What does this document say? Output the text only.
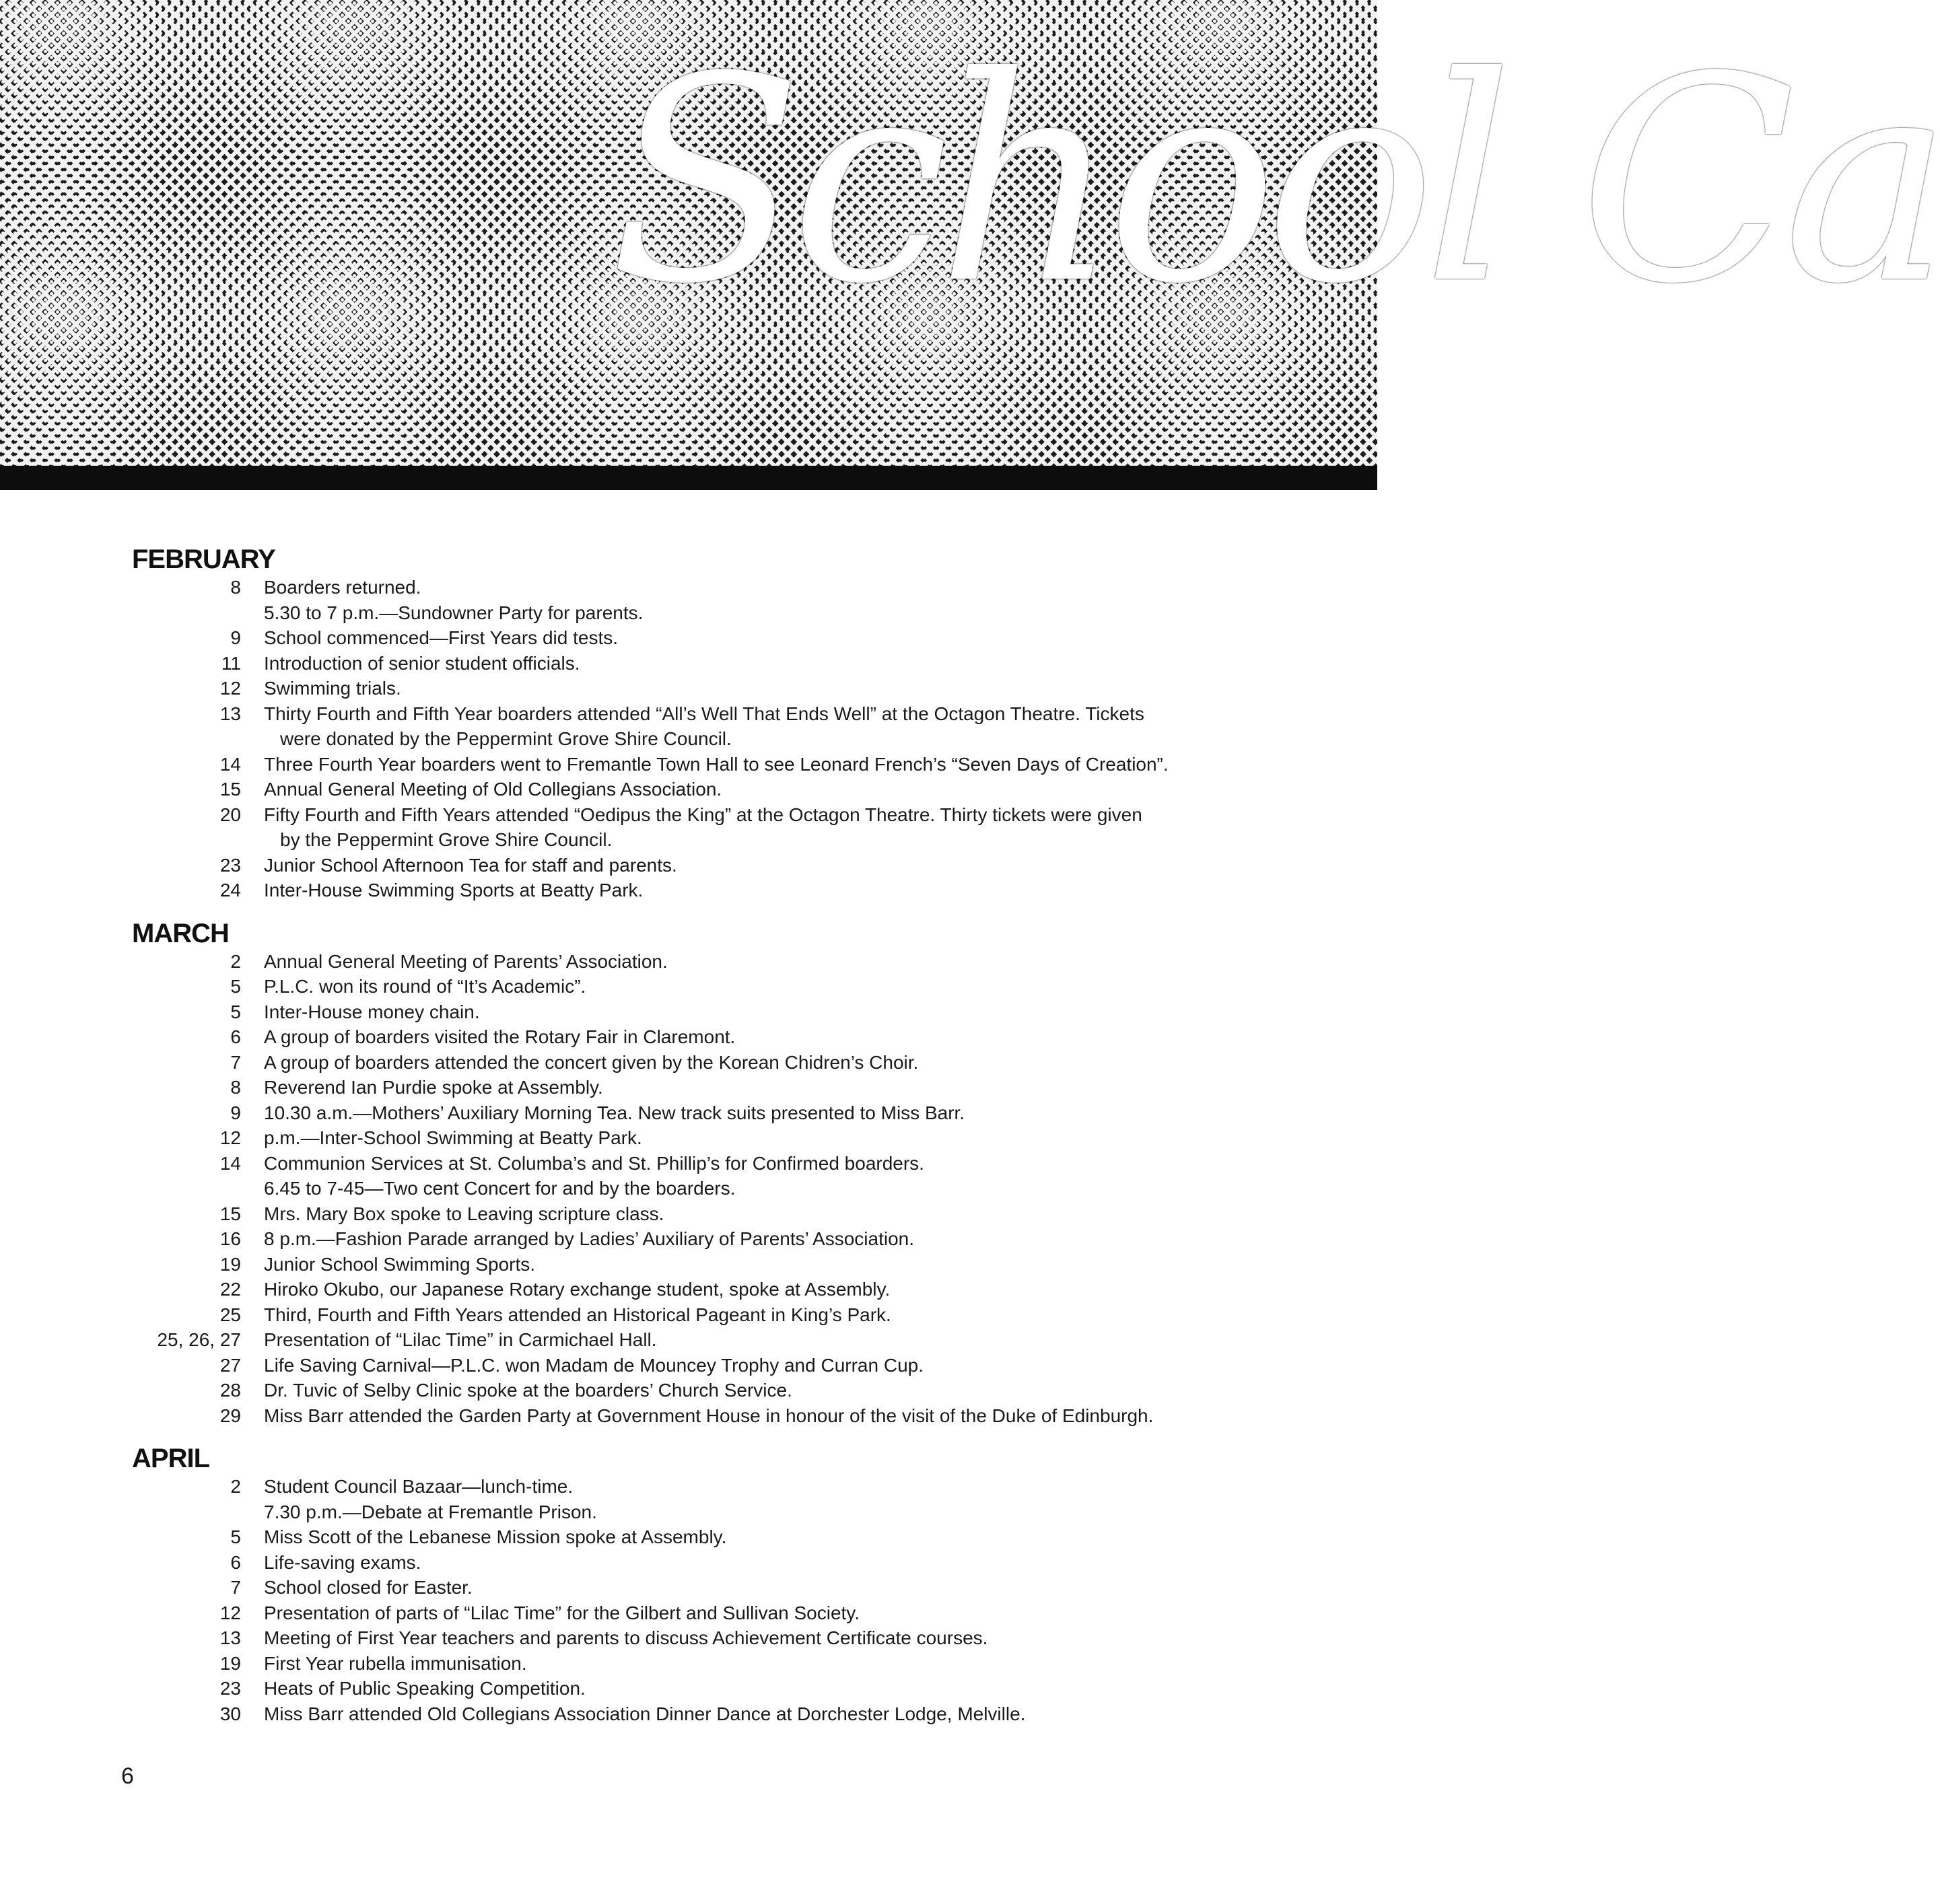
School Ca
FEBRUARY
8 Boarders returned.
5.30 to 7 p.m.—Sundowner Party for parents.
9 School commenced—First Years did tests.
11 Introduction of senior student officials.
12 Swimming trials.
13 Thirty Fourth and Fifth Year boarders attended “All’s Well That Ends Well” at the Octagon Theatre. Tickets
were donated by the Peppermint Grove Shire Council.
14 Three Fourth Year boarders went to Fremantle Town Hall to see Leonard French’s “Seven Days of Creation”.
15 Annual General Meeting of Old Collegians Association.
20 Fifty Fourth and Fifth Years attended “Oedipus the King” at the Octagon Theatre. Thirty tickets were given
by the Peppermint Grove Shire Council.
23 Junior School Afternoon Tea for staff and parents.
24 Inter-House Swimming Sports at Beatty Park.
MARCH
2 Annual General Meeting of Parents’ Association.
5 P.L.C. won its round of “It’s Academic”.
5 Inter-House money chain.
6 A group of boarders visited the Rotary Fair in Claremont.
7 A group of boarders attended the concert given by the Korean Chidren’s Choir.
8 Reverend Ian Purdie spoke at Assembly.
9 10.30 a.m.—Mothers’ Auxiliary Morning Tea. New track suits presented to Miss Barr.
12 p.m.—Inter-School Swimming at Beatty Park.
14 Communion Services at St. Columba’s and St. Phillip’s for Confirmed boarders.
6.45 to 7-45—Two cent Concert for and by the boarders.
15 Mrs. Mary Box spoke to Leaving scripture class.
16 8 p.m.—Fashion Parade arranged by Ladies’ Auxiliary of Parents’ Association.
19 Junior School Swimming Sports.
22 Hiroko Okubo, our Japanese Rotary exchange student, spoke at Assembly.
25 Third, Fourth and Fifth Years attended an Historical Pageant in King’s Park.
25, 26, 27 Presentation of “Lilac Time” in Carmichael Hall.
27 Life Saving Carnival—P.L.C. won Madam de Mouncey Trophy and Curran Cup.
28 Dr. Tuvic of Selby Clinic spoke at the boarders’ Church Service.
29 Miss Barr attended the Garden Party at Government House in honour of the visit of the Duke of Edinburgh.
APRIL
2 Student Council Bazaar—lunch-time.
7.30 p.m.—Debate at Fremantle Prison.
5 Miss Scott of the Lebanese Mission spoke at Assembly.
6 Life-saving exams.
7 School closed for Easter.
12 Presentation of parts of “Lilac Time” for the Gilbert and Sullivan Society.
13 Meeting of First Year teachers and parents to discuss Achievement Certificate courses.
19 First Year rubella immunisation.
23 Heats of Public Speaking Competition.
30 Miss Barr attended Old Collegians Association Dinner Dance at Dorchester Lodge, Melville.
6
